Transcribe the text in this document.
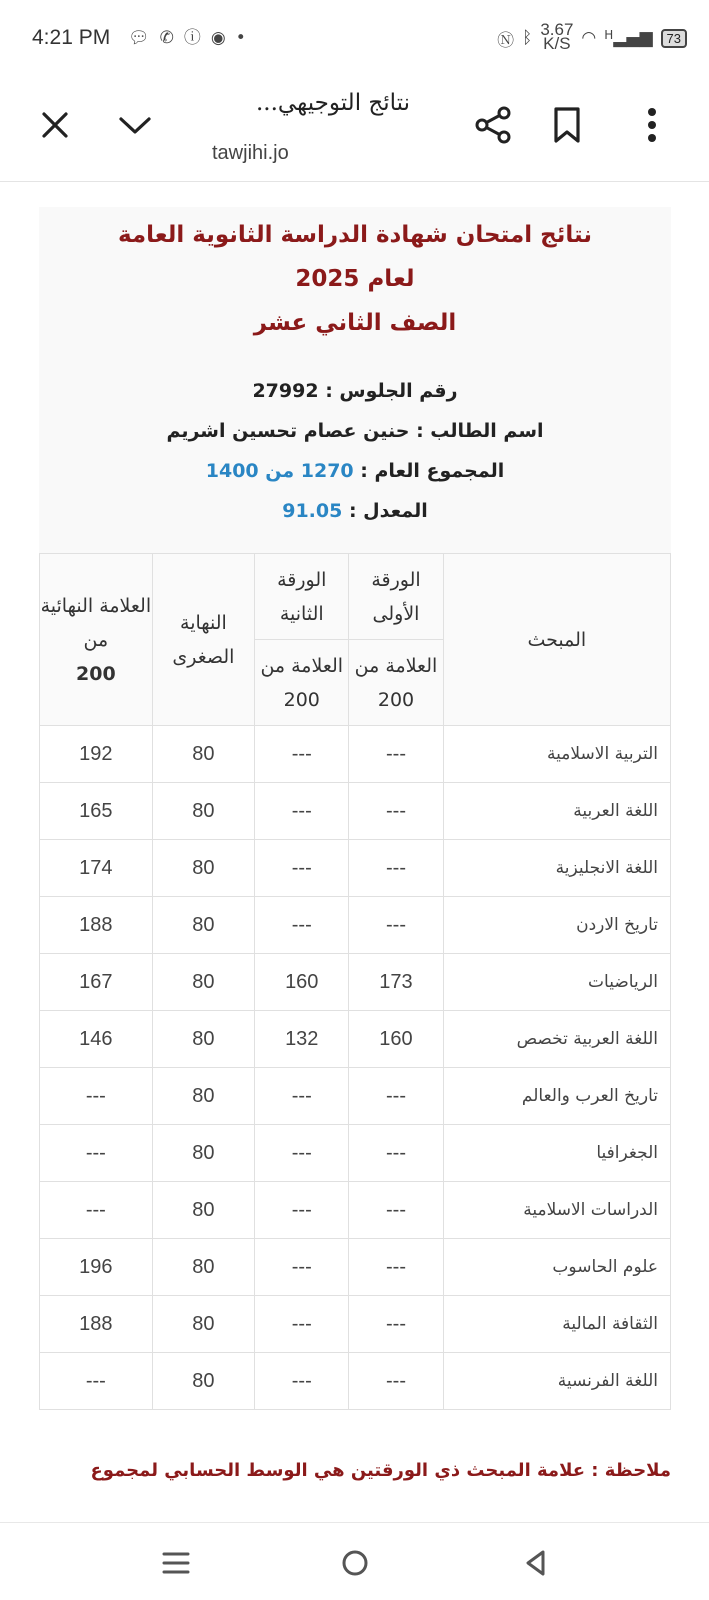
4:21 PM 💬︎ ✆ ⓘ ◉ •	Ⓝ ᛒ 3.67
K/S ◠ $^H$▂▄▆	73
نتائج التوجيهي...
tawjihi.jo
نتائج امتحان شهادة الدراسة الثانوية العامة
لعام 2025
الصف الثاني عشر
رقم الجلوس : 27992
اسم الطالب : حنين عصام تحسين اشريم
المجموع العام : 1270 من 1400
المعدل : 91.05
المبحث	الورقة الأولى	الورقة الثانية	النهاية الصغرى	العلامة النهائية من
200

	العلامة من 200	العلامة من 200		
التربية الاسلامية	---	---	80	192
اللغة العربية	---	---	80	165
اللغة الانجليزية	---	---	80	174
تاريخ الاردن	---	---	80	188
الرياضيات	173	160	80	167
اللغة العربية تخصص	160	132	80	146
تاريخ العرب والعالم	---	---	80	---
الجغرافيا	---	---	80	---
الدراسات الاسلامية	---	---	80	---
علوم الحاسوب	---	---	80	196
الثقافة المالية	---	---	80	188
اللغة الفرنسية	---	---	80	---
ملاحظة : علامة المبحث ذي الورقتين هي الوسط الحسابي لمجموع
